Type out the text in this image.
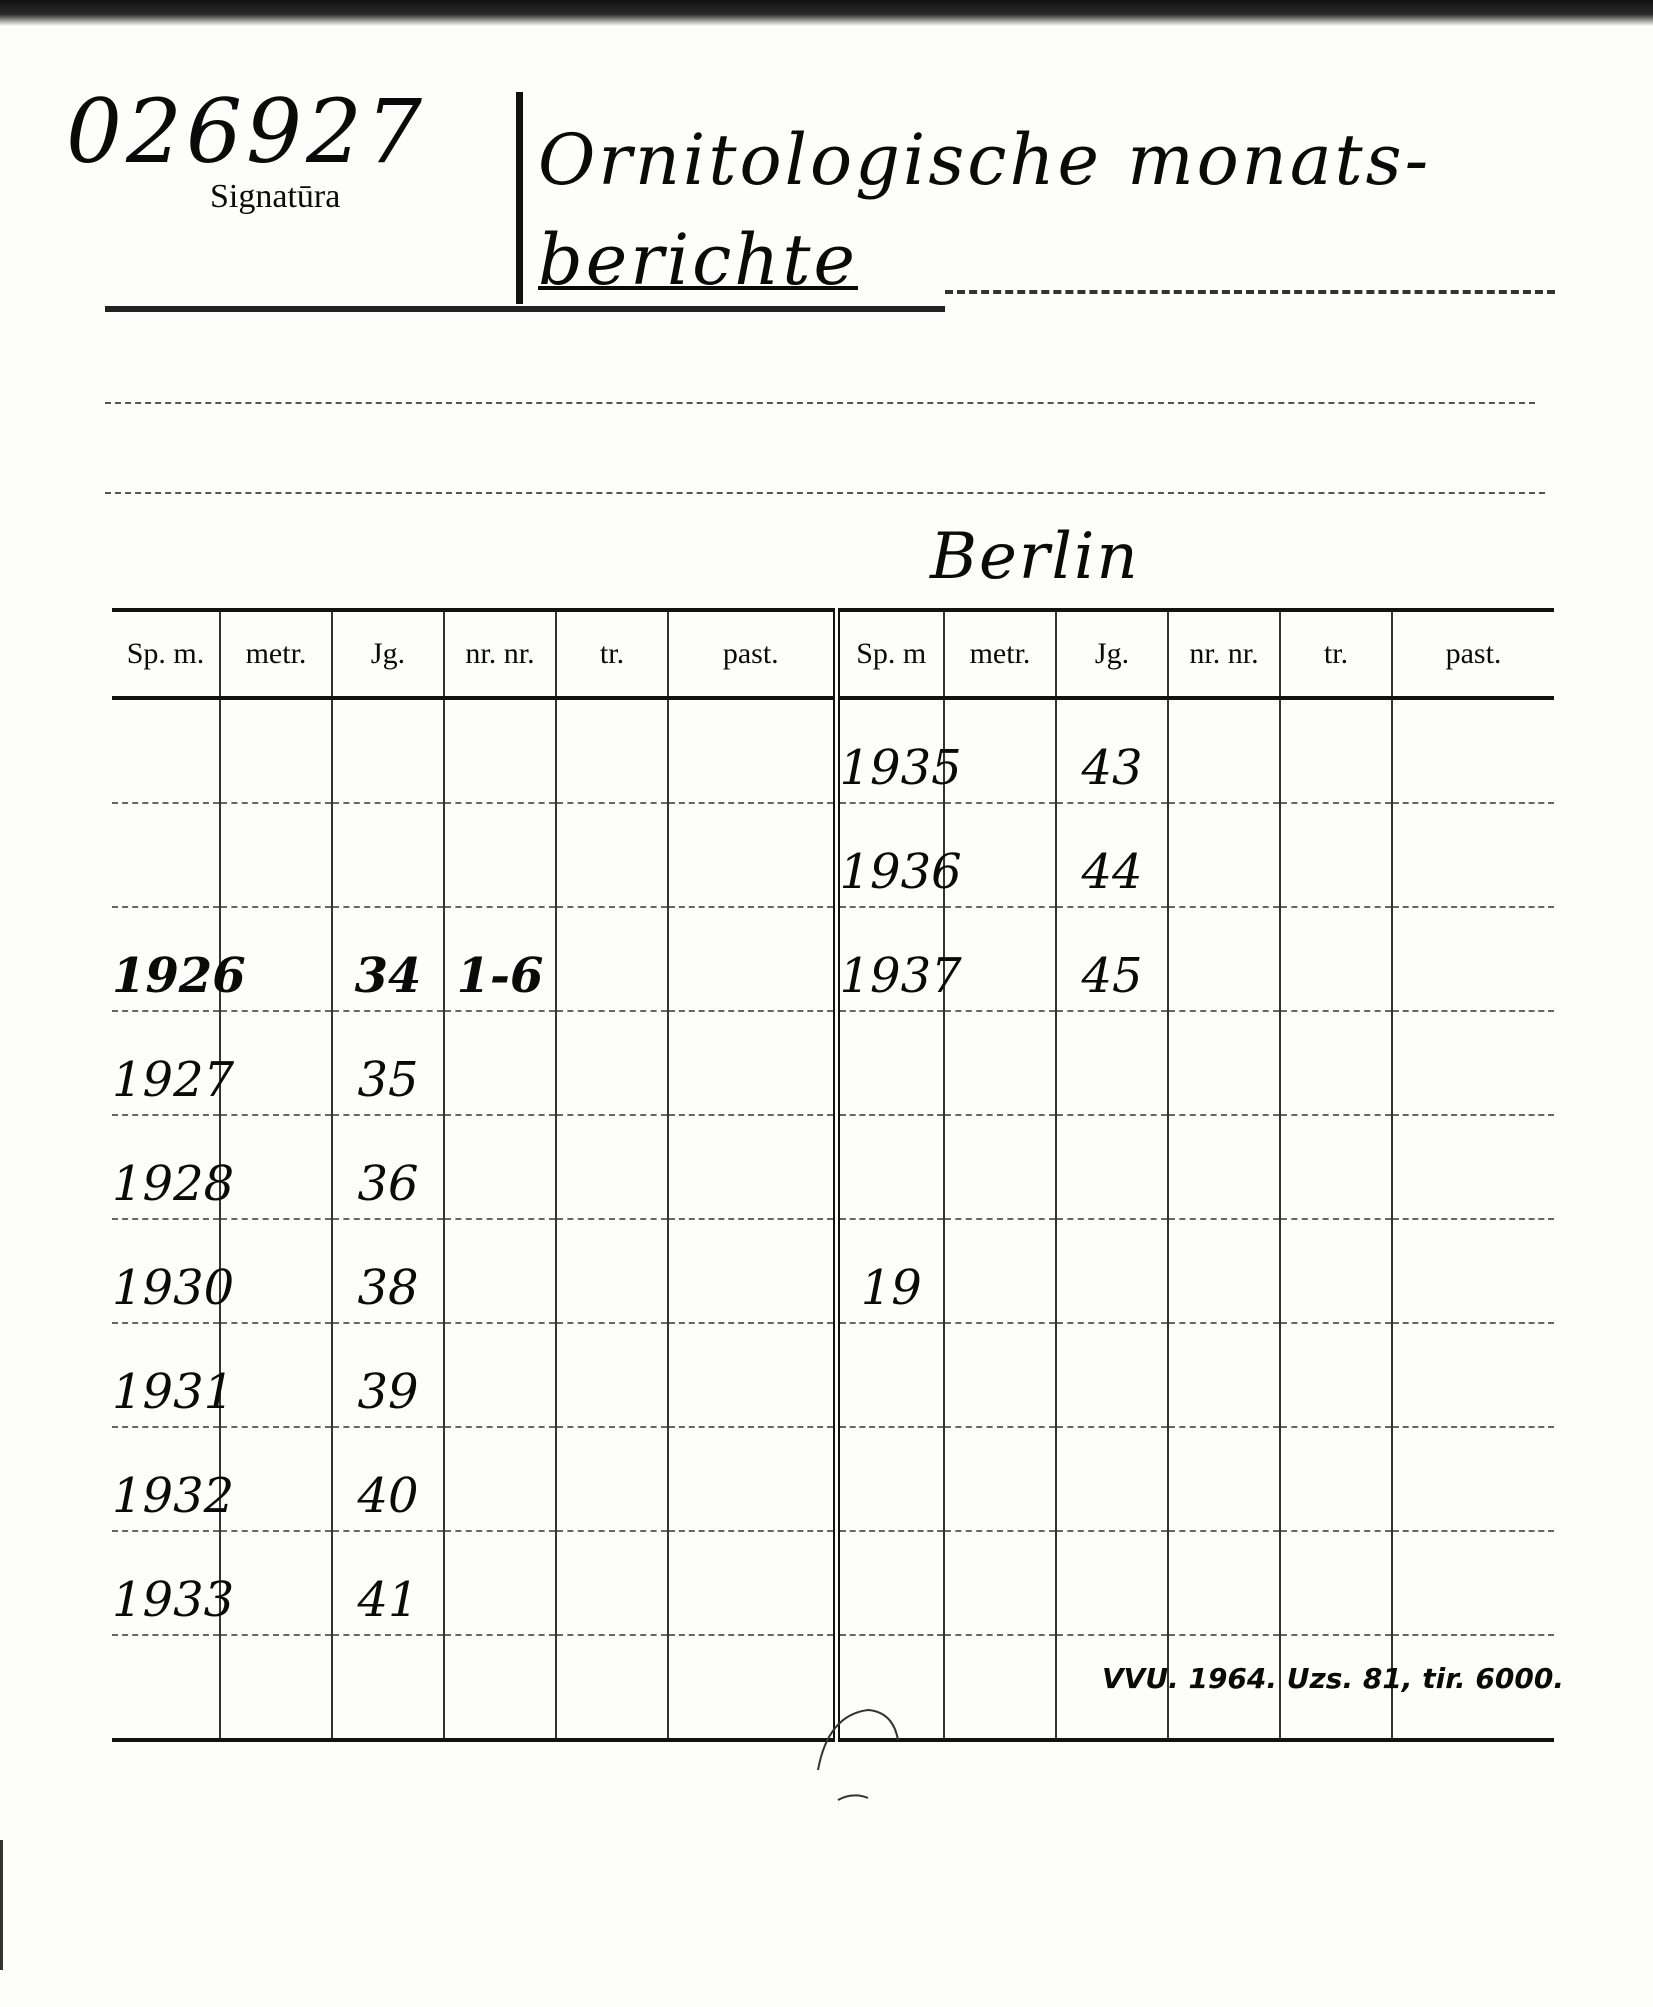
026927
Signatūra	Ornitologische monats-
berichte
Berlin
Sp. m.	metr.	Jg.	nr. nr.	tr.	past.	Sp. m	metr.	Jg.	nr. nr.	tr.	past.
						1935		43			
						1936		44			
1926		34	1-6			1937		45			
1927		35									
1928		36									
1930		38				19					
1931		39									
1932		40									
1933		41									

VVU. 1964. Uzs. 81, tir. 6000.
